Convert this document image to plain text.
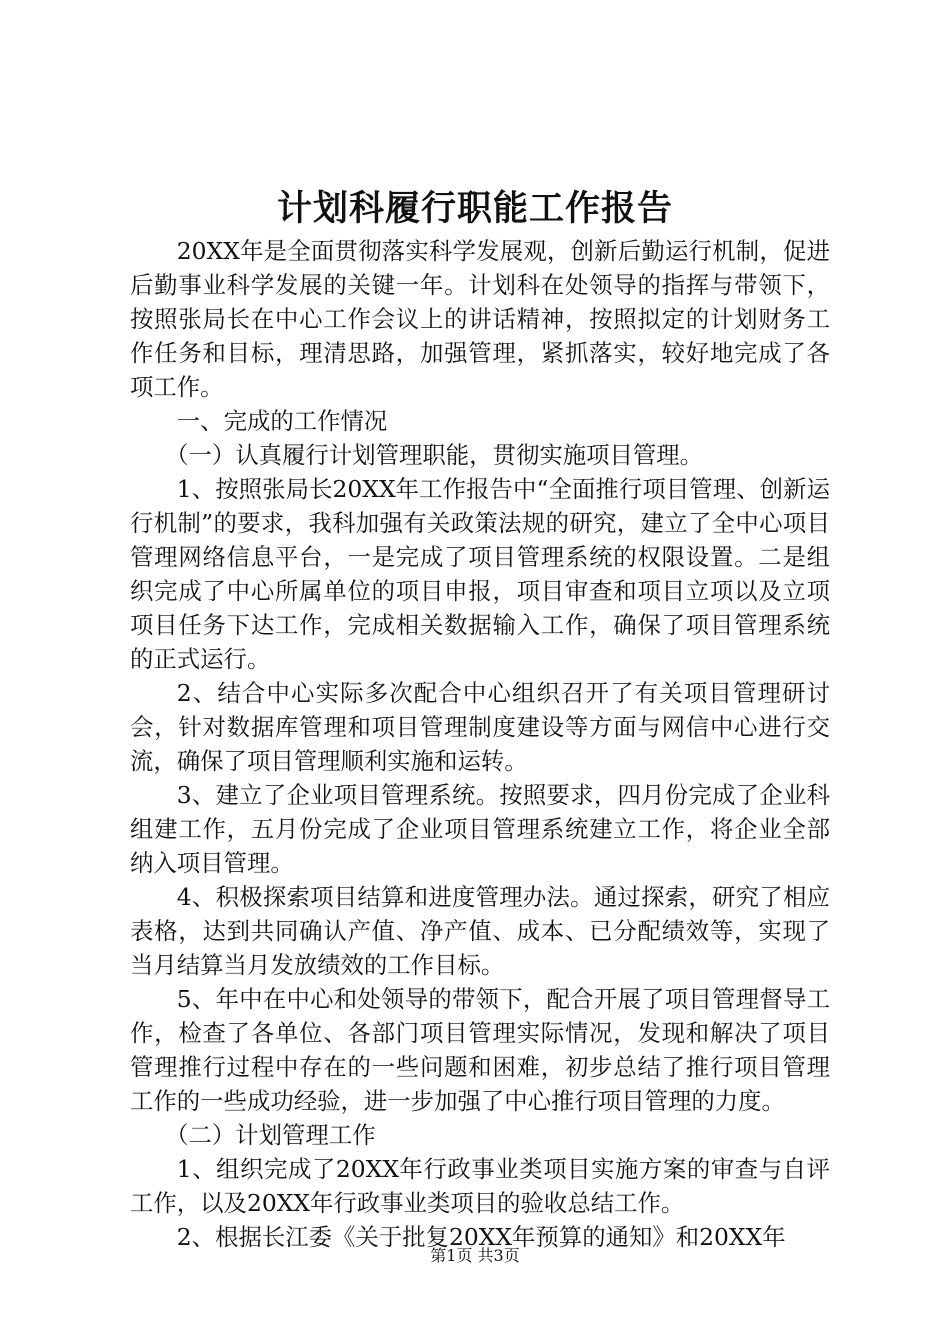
计划科履行职能工作报告

20XX年是全面贯彻落实科学发展观，创新后勤运行机制，促进后勤事业科学发展的关键一年。计划科在处领导的指挥与带领下，按照张局长在中心工作会议上的讲话精神，按照拟定的计划财务工作任务和目标，理清思路，加强管理，紧抓落实，较好地完成了各项工作。

一、完成的工作情况

（一）认真履行计划管理职能，贯彻实施项目管理。

1、按照张局长20XX年工作报告中“全面推行项目管理、创新运行机制”的要求，我科加强有关政策法规的研究，建立了全中心项目管理网络信息平台，一是完成了项目管理系统的权限设置。二是组织完成了中心所属单位的项目申报，项目审查和项目立项以及立项项目任务下达工作，完成相关数据输入工作，确保了项目管理系统的正式运行。

2、结合中心实际多次配合中心组织召开了有关项目管理研讨会，针对数据库管理和项目管理制度建设等方面与网信中心进行交流，确保了项目管理顺利实施和运转。

3、建立了企业项目管理系统。按照要求，四月份完成了企业科组建工作，五月份完成了企业项目管理系统建立工作，将企业全部纳入项目管理。

4、积极探索项目结算和进度管理办法。通过探索，研究了相应表格，达到共同确认产值、净产值、成本、已分配绩效等，实现了当月结算当月发放绩效的工作目标。

5、年中在中心和处领导的带领下，配合开展了项目管理督导工作，检查了各单位、各部门项目管理实际情况，发现和解决了项目管理推行过程中存在的一些问题和困难，初步总结了推行项目管理工作的一些成功经验，进一步加强了中心推行项目管理的力度。

（二）计划管理工作

1、组织完成了20XX年行政事业类项目实施方案的审查与自评工作，以及20XX年行政事业类项目的验收总结工作。

2、根据长江委《关于批复20XX年预算的通知》和20XX年

第1页 共3页
